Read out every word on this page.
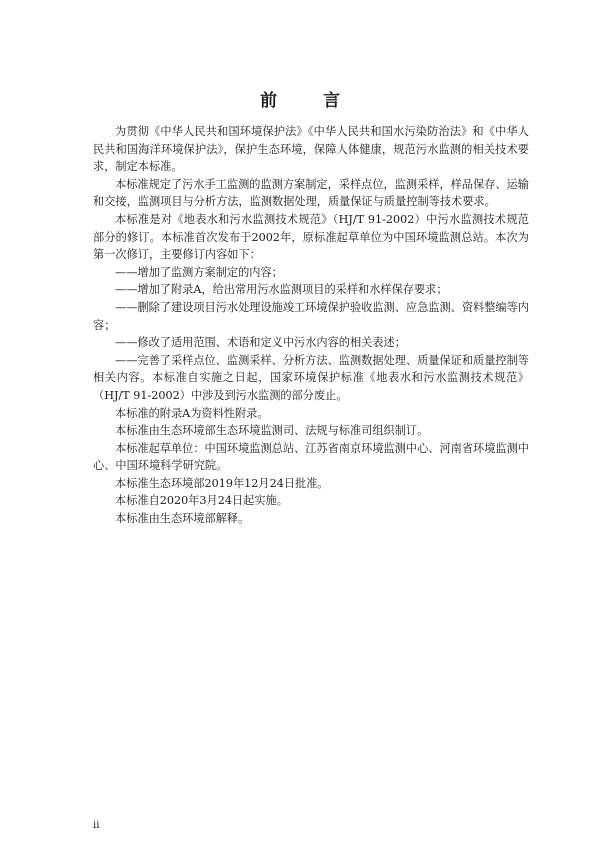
前 言

为贯彻《中华人民共和国环境保护法》《中华人民共和国水污染防治法》和《中华人民共和国海洋环境保护法》，保护生态环境，保障人体健康，规范污水监测的相关技术要求，制定本标准。

本标准规定了污水手工监测的监测方案制定，采样点位，监测采样，样品保存、运输和交接，监测项目与分析方法，监测数据处理，质量保证与质量控制等技术要求。

本标准是对《地表水和污水监测技术规范》（HJ/T 91-2002）中污水监测技术规范部分的修订。本标准首次发布于2002年，原标准起草单位为中国环境监测总站。本次为第一次修订，主要修订内容如下：

——增加了监测方案制定的内容；

——增加了附录A，给出常用污水监测项目的采样和水样保存要求；

——删除了建设项目污水处理设施竣工环境保护验收监测、应急监测、资料整编等内容；

——修改了适用范围、术语和定义中污水内容的相关表述；

——完善了采样点位、监测采样、分析方法、监测数据处理、质量保证和质量控制等相关内容。本标准自实施之日起，国家环境保护标准《地表水和污水监测技术规范》（HJ/T 91-2002）中涉及到污水监测的部分废止。

本标准的附录A为资料性附录。

本标准由生态环境部生态环境监测司、法规与标准司组织制订。

本标准起草单位：中国环境监测总站、江苏省南京环境监测中心、河南省环境监测中心、中国环境科学研究院。

本标准生态环境部2019年12月24日批准。

本标准自2020年3月24日起实施。

本标准由生态环境部解释。

ii
